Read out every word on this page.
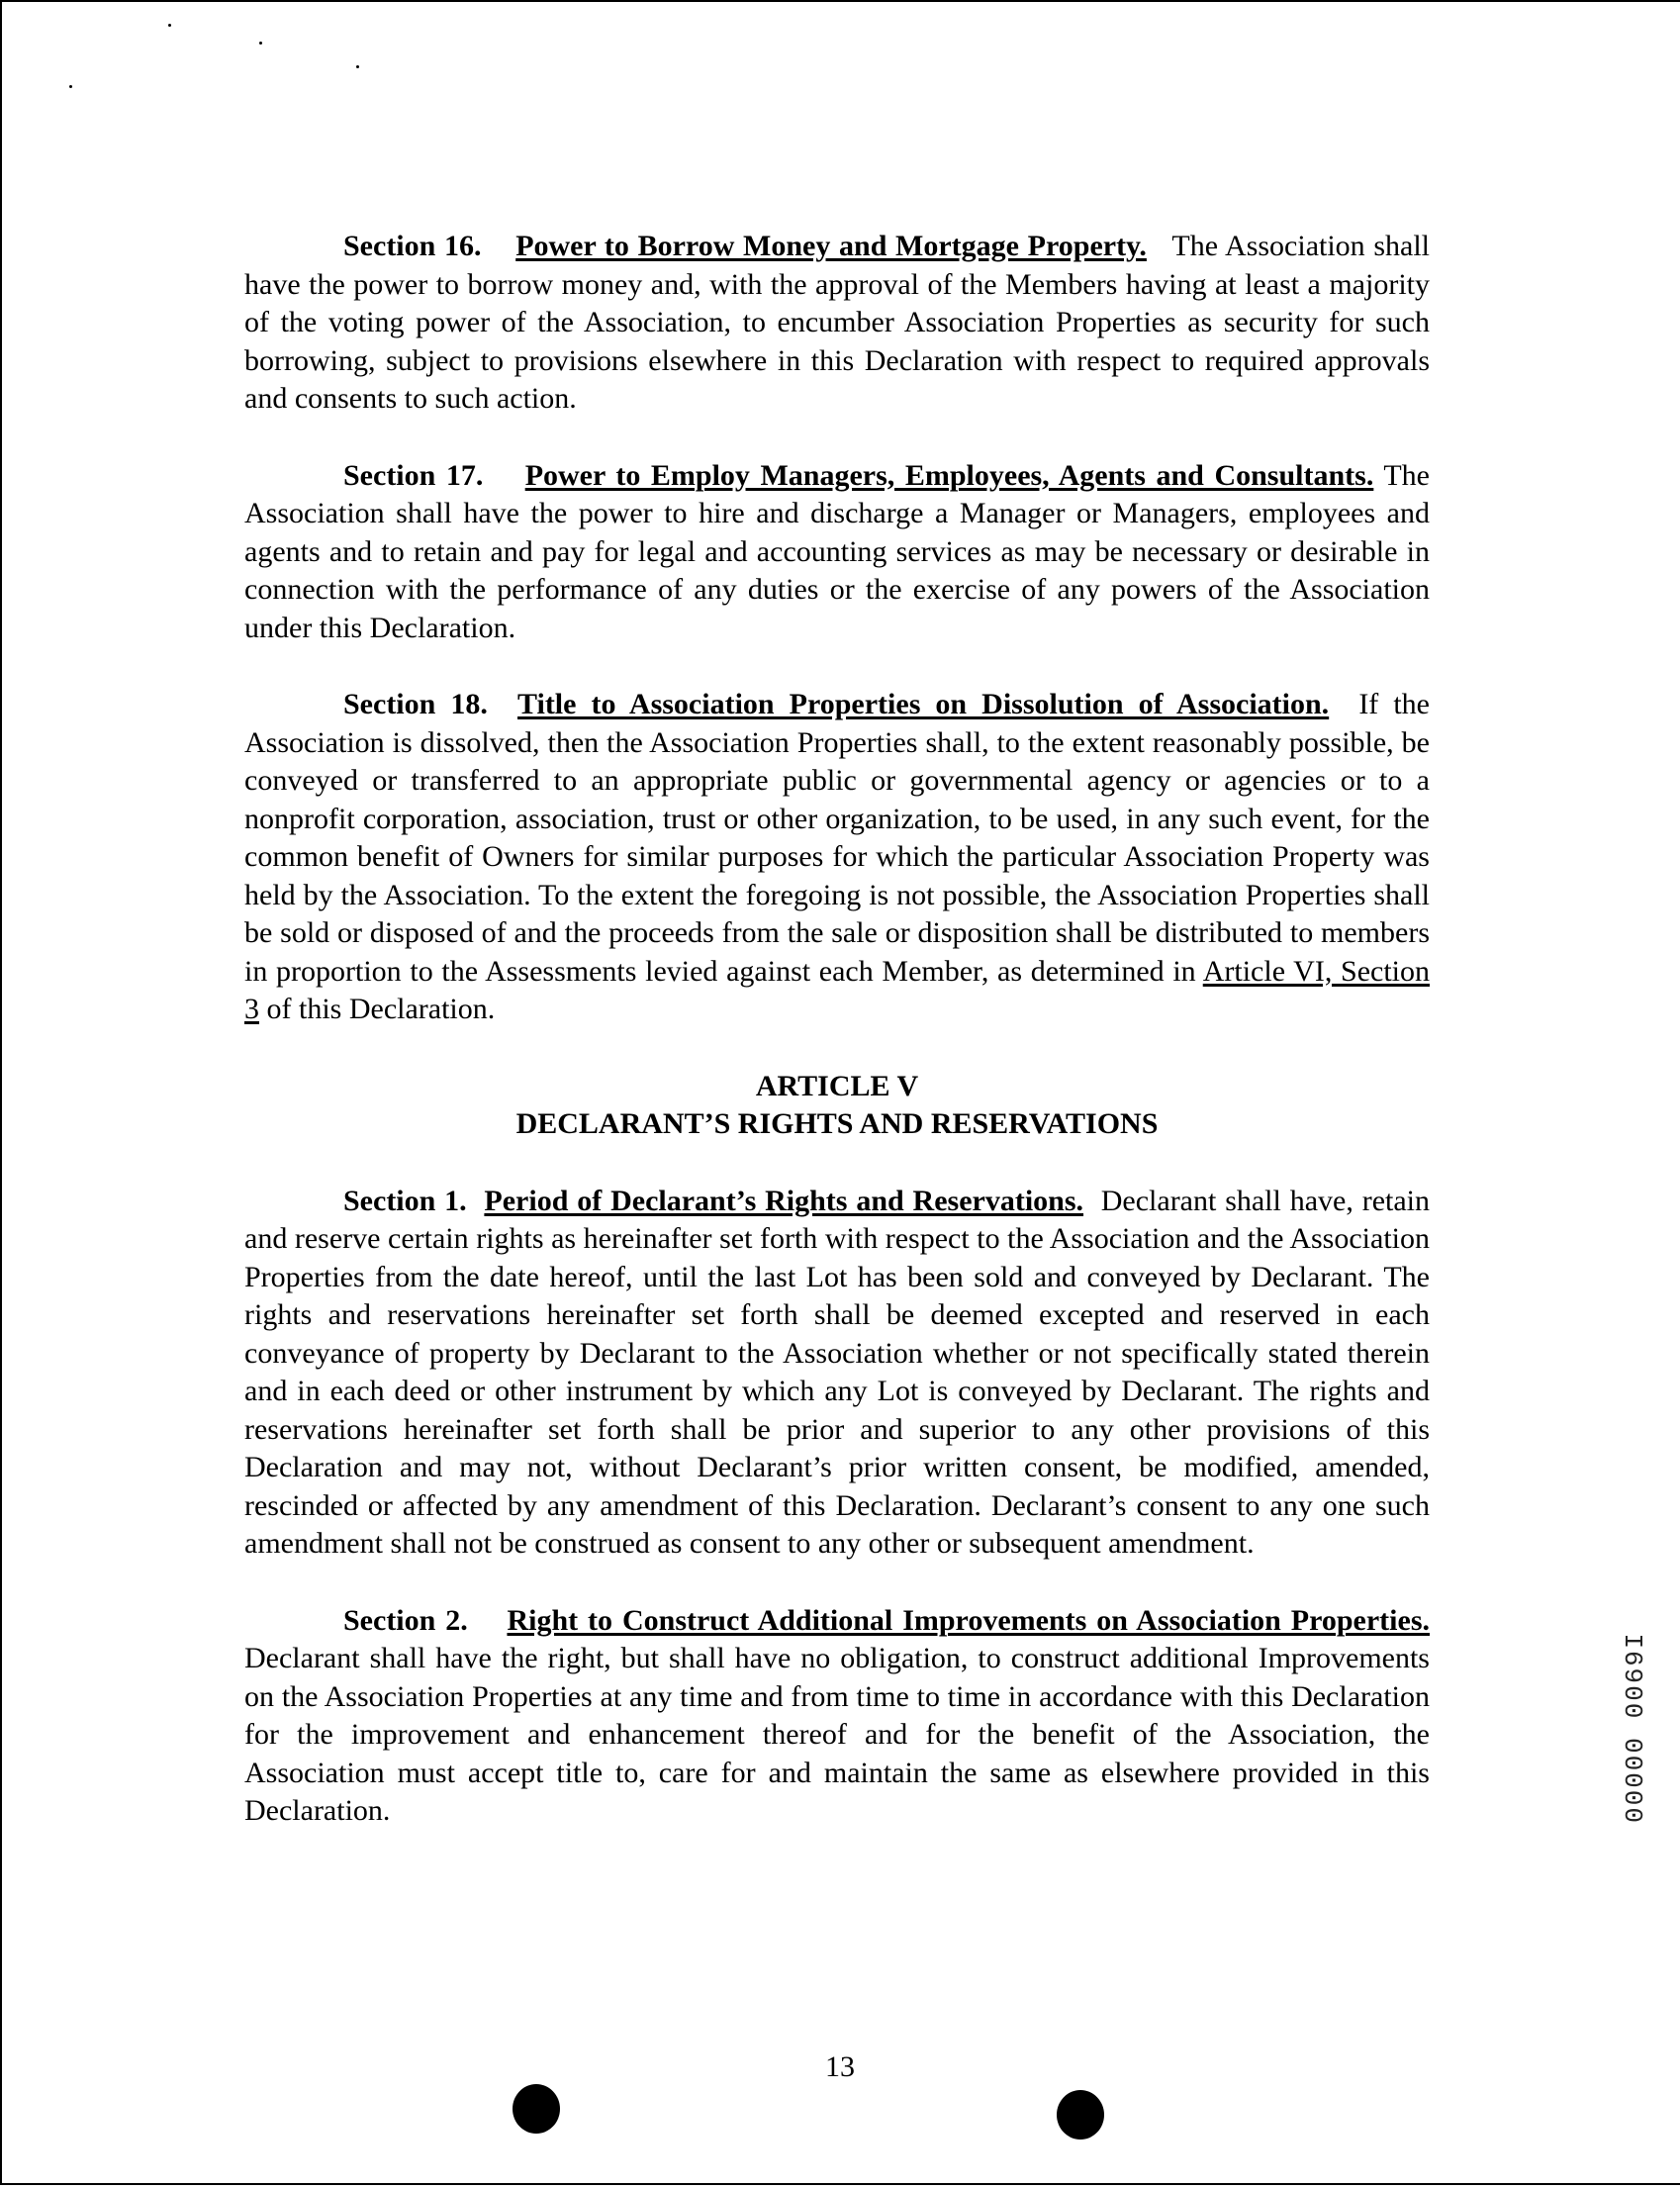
Section 16. Power to Borrow Money and Mortgage Property. The Association shall have the power to borrow money and, with the approval of the Members having at least a majority of the voting power of the Association, to encumber Association Properties as security for such borrowing, subject to provisions elsewhere in this Declaration with respect to required approvals and consents to such action.

Section 17. Power to Employ Managers, Employees, Agents and Consultants. The Association shall have the power to hire and discharge a Manager or Managers, employees and agents and to retain and pay for legal and accounting services as may be necessary or desirable in connection with the performance of any duties or the exercise of any powers of the Association under this Declaration.

Section 18. Title to Association Properties on Dissolution of Association. If the Association is dissolved, then the Association Properties shall, to the extent reasonably possible, be conveyed or transferred to an appropriate public or governmental agency or agencies or to a nonprofit corporation, association, trust or other organization, to be used, in any such event, for the common benefit of Owners for similar purposes for which the particular Association Property was held by the Association. To the extent the foregoing is not possible, the Association Properties shall be sold or disposed of and the proceeds from the sale or disposition shall be distributed to members in proportion to the Assessments levied against each Member, as determined in Article VI, Section 3 of this Declaration.

ARTICLE V
DECLARANT’S RIGHTS AND RESERVATIONS

Section 1. Period of Declarant’s Rights and Reservations. Declarant shall have, retain and reserve certain rights as hereinafter set forth with respect to the Association and the Association Properties from the date hereof, until the last Lot has been sold and conveyed by Declarant. The rights and reservations hereinafter set forth shall be deemed excepted and reserved in each conveyance of property by Declarant to the Association whether or not specifically stated therein and in each deed or other instrument by which any Lot is conveyed by Declarant. The rights and reservations hereinafter set forth shall be prior and superior to any other provisions of this Declaration and may not, without Declarant’s prior written consent, be modified, amended, rescinded or affected by any amendment of this Declaration. Declarant’s consent to any one such amendment shall not be construed as consent to any other or subsequent amendment.

Section 2. Right to Construct Additional Improvements on Association Properties. Declarant shall have the right, but shall have no obligation, to construct additional Improvements on the Association Properties at any time and from time to time in accordance with this Declaration for the improvement and enhancement thereof and for the benefit of the Association, the Association must accept title to, care for and maintain the same as elsewhere provided in this Declaration.

13
00000 0069I
